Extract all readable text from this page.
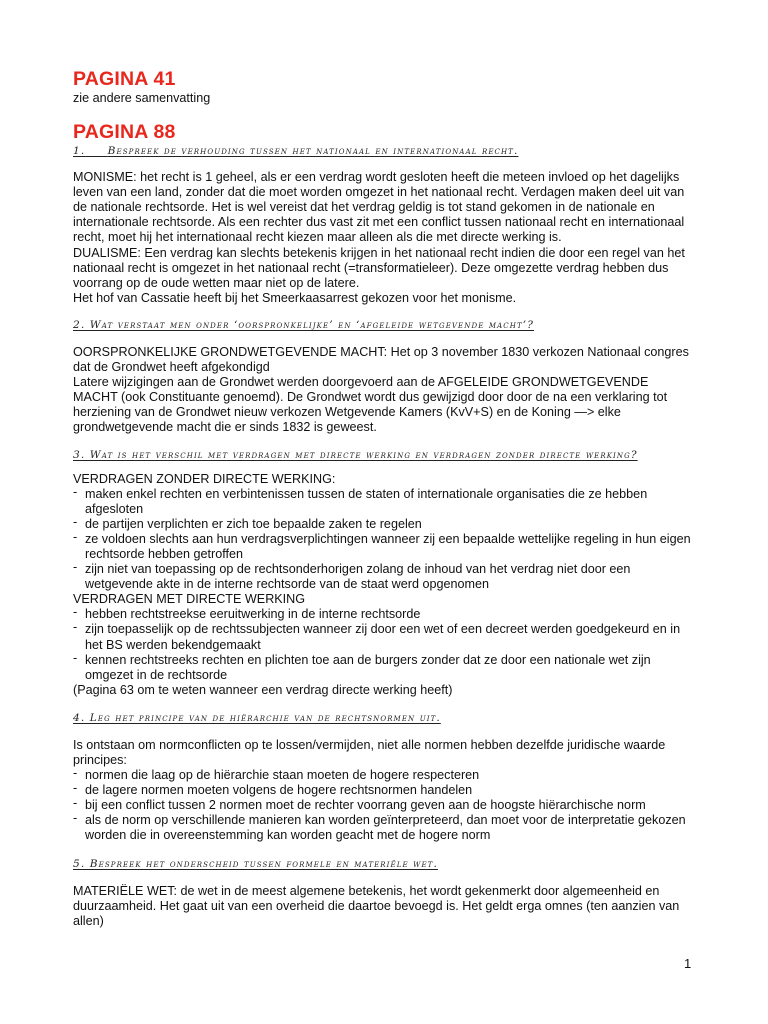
PAGINA 41

zie andere samenvatting

PAGINA 88

1. Bespreek de verhouding tussen het nationaal en internationaal recht.

MONISME: het recht is 1 geheel, als er een verdrag wordt gesloten heeft die meteen invloed op het dagelijks leven van een land, zonder dat die moet worden omgezet in het nationaal recht. Verdagen maken deel uit van de nationale rechtsorde. Het is wel vereist dat het verdrag geldig is tot stand gekomen in de nationale en internationale rechtsorde. Als een rechter dus vast zit met een conflict tussen nationaal recht en internationaal recht, moet hij het internationaal recht kiezen maar alleen als die met directe werking is.

DUALISME: Een verdrag kan slechts betekenis krijgen in het nationaal recht indien die door een regel van het nationaal recht is omgezet in het nationaal recht (=transformatieleer). Deze omgezette verdrag hebben dus voorrang op de oude wetten maar niet op de latere.

Het hof van Cassatie heeft bij het Smeerkaasarrest gekozen voor het monisme.

2. Wat verstaat men onder ‘oorspronkelijke’ en ‘afgeleide wetgevende macht’?

OORSPRONKELIJKE GRONDWETGEVENDE MACHT: Het op 3 november 1830 verkozen Nationaal congres dat de Grondwet heeft afgekondigd

Latere wijzigingen aan de Grondwet werden doorgevoerd aan de AFGELEIDE GRONDWETGEVENDE MACHT (ook Constituante genoemd). De Grondwet wordt dus gewijzigd door door de na een verklaring tot herziening van de Grondwet nieuw verkozen Wetgevende Kamers (KvV+S) en de Koning —> elke grondwetgevende macht die er sinds 1832 is geweest.

3. Wat is het verschil met verdragen met directe werking en verdragen zonder directe werking?

VERDRAGEN ZONDER DIRECTE WERKING:

- maken enkel rechten en verbintenissen tussen de staten of internationale organisaties die ze hebben afgesloten
- de partijen verplichten er zich toe bepaalde zaken te regelen
- ze voldoen slechts aan hun verdragsverplichtingen wanneer zij een bepaalde wettelijke regeling in hun eigen rechtsorde hebben getroffen
- zijn niet van toepassing op de rechtsonderhorigen zolang de inhoud van het verdrag niet door een wetgevende akte in de interne rechtsorde van de staat werd opgenomen

VERDRAGEN MET DIRECTE WERKING

- hebben rechtstreekse eeruitwerking in de interne rechtsorde
- zijn toepasselijk op de rechtssubjecten wanneer zij door een wet of een decreet werden goedgekeurd en in het BS werden bekendgemaakt
- kennen rechtstreeks rechten en plichten toe aan de burgers zonder dat ze door een nationale wet zijn omgezet in de rechtsorde

(Pagina 63 om te weten wanneer een verdrag directe werking heeft)

4. Leg het principe van de hiërarchie van de rechtsnormen uit.

Is ontstaan om normconflicten op te lossen/vermijden, niet alle normen hebben dezelfde juridische waarde

principes:

- normen die laag op de hiërarchie staan moeten de hogere respecteren
- de lagere normen moeten volgens de hogere rechtsnormen handelen
- bij een conflict tussen 2 normen moet de rechter voorrang geven aan de hoogste hiërarchische norm
- als de norm op verschillende manieren kan worden geïnterpreteerd, dan moet voor de interpretatie gekozen worden die in overeenstemming kan worden geacht met de hogere norm

5. Bespreek het onderscheid tussen formele en materiële wet.

MATERIËLE WET: de wet in de meest algemene betekenis, het wordt gekenmerkt door algemeenheid en duurzaamheid. Het gaat uit van een overheid die daartoe bevoegd is. Het geldt erga omnes (ten aanzien van allen)

1
